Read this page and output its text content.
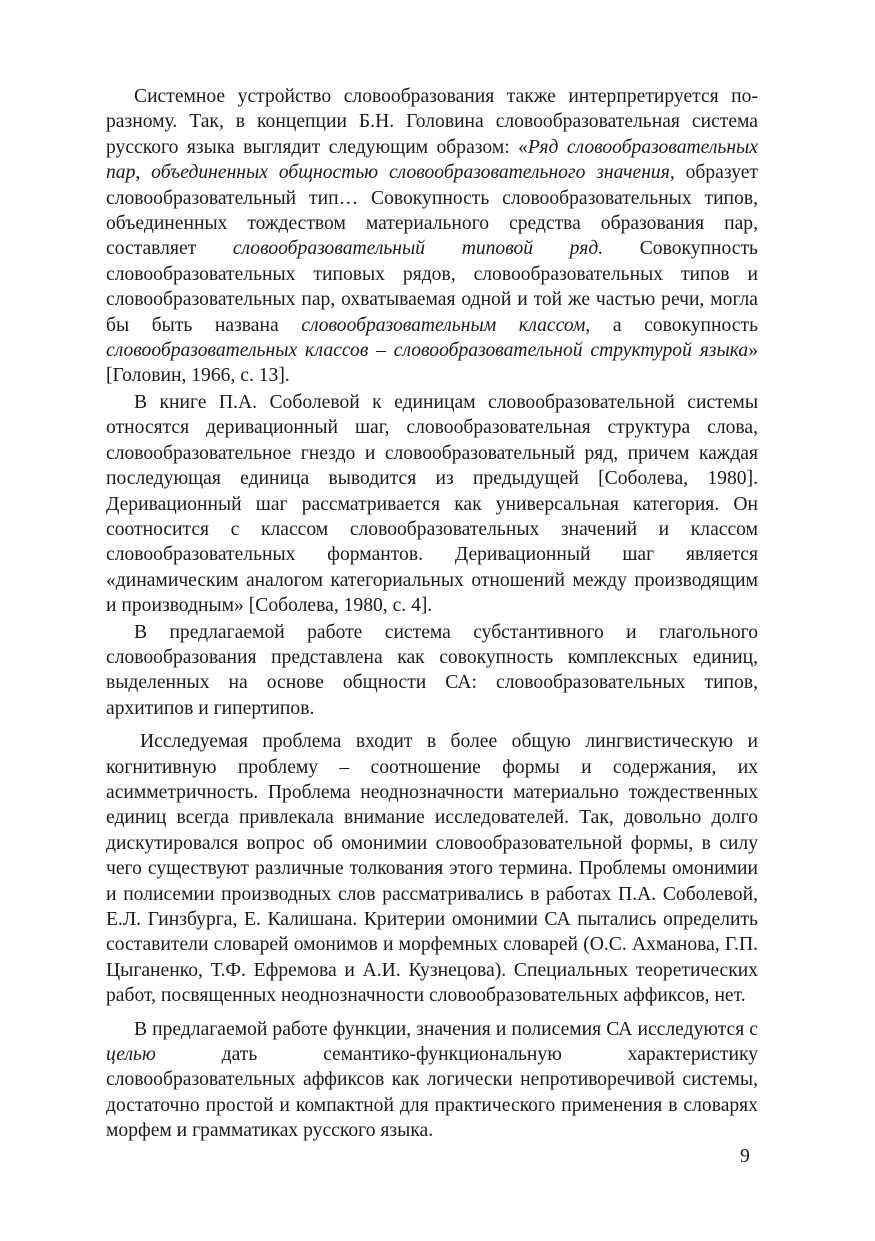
Системное устройство словообразования также интерпретируется по-разному. Так, в концепции Б.Н. Головина словообразовательная система русского языка выглядит следующим образом: «Ряд словообразовательных пар, объединенных общностью словообразовательного значения, образует словообразовательный тип… Совокупность словообразовательных типов, объединенных тождеством материального средства образования пар, составляет словообразовательный типовой ряд. Совокупность словообразовательных типовых рядов, словообразовательных типов и словообразовательных пар, охватываемая одной и той же частью речи, могла бы быть названа словообразовательным классом, а совокупность словообразовательных классов – словообразовательной структурой языка» [Головин, 1966, с. 13].

В книге П.А. Соболевой к единицам словообразовательной системы относятся деривационный шаг, словообразовательная структура слова, словообразовательное гнездо и словообразовательный ряд, причем каждая последующая единица выводится из предыдущей [Соболева, 1980]. Деривационный шаг рассматривается как универсальная категория. Он соотносится с классом словообразовательных значений и классом словообразовательных формантов. Деривационный шаг является «динамическим аналогом категориальных отношений между производящим и производным» [Соболева, 1980, с. 4].

В предлагаемой работе система субстантивного и глагольного словообразования представлена как совокупность комплексных единиц, выделенных на основе общности СА: словообразовательных типов, архитипов и гипертипов.

Исследуемая проблема входит в более общую лингвистическую и когнитивную проблему – соотношение формы и содержания, их асимметричность. Проблема неоднозначности материально тождественных единиц всегда привлекала внимание исследователей. Так, довольно долго дискутировался вопрос об омонимии словообразовательной формы, в силу чего существуют различные толкования этого термина. Проблемы омонимии и полисемии производных слов рассматривались в работах П.А. Соболевой, Е.Л. Гинзбурга, Е. Калишана. Критерии омонимии СА пытались определить составители словарей омонимов и морфемных словарей (О.С. Ахманова, Г.П. Цыганенко, Т.Ф. Ефремова и А.И. Кузнецова). Специальных теоретических работ, посвященных неоднозначности словообразовательных аффиксов, нет.

В предлагаемой работе функции, значения и полисемия СА исследуются с целью дать семантико-функциональную характеристику словообразовательных аффиксов как логически непротиворечивой системы, достаточно простой и компактной для практического применения в словарях морфем и грамматиках русского языка.

9
